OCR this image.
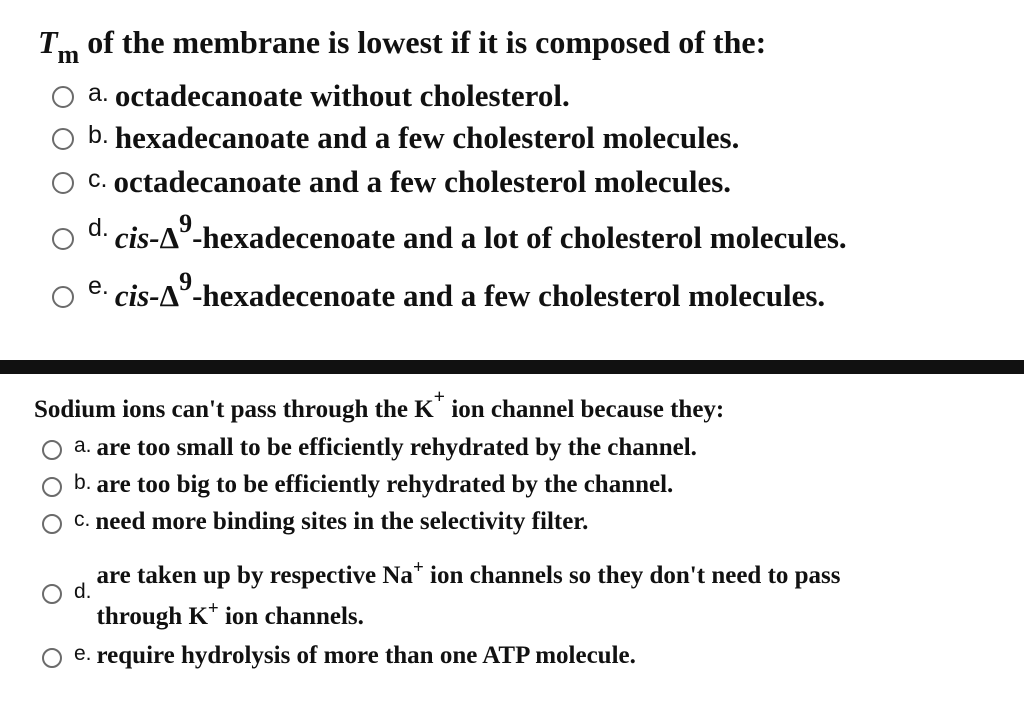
$T_m$ of the membrane is lowest if it is composed of the:
a. octadecanoate without cholesterol.
b. hexadecanoate and a few cholesterol molecules.
c. octadecanoate and a few cholesterol molecules.
d. cis-$\Delta^9$-hexadecenoate and a lot of cholesterol molecules.
e. cis-$\Delta^9$-hexadecenoate and a few cholesterol molecules.
Sodium ions can't pass through the K+ ion channel because they:
a. are too small to be efficiently rehydrated by the channel.
b. are too big to be efficiently rehydrated by the channel.
c. need more binding sites in the selectivity filter.
d.
are taken up by respective Na+ ion channels so they don't need to pass
through K+ ion channels.
e. require hydrolysis of more than one ATP molecule.
